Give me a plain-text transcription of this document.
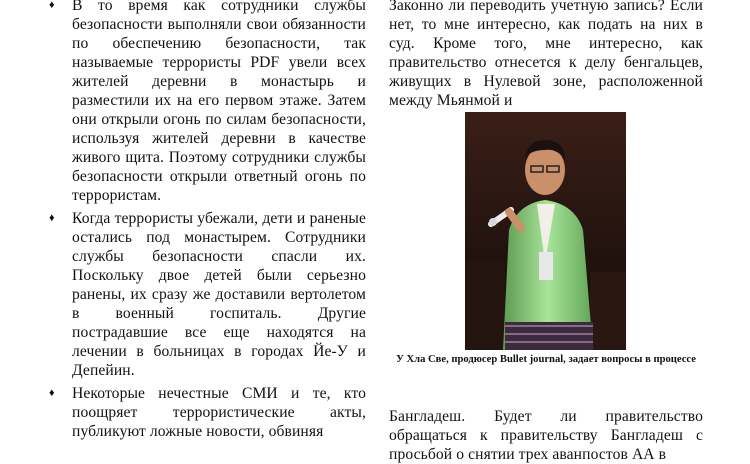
♦ В то время как сотрудники службы безопасности выполняли свои обязанности по обеспечению безопасности, так называемые террористы PDF увели всех жителей деревни в монастырь и разместили их на его первом этаже. Затем они открыли огонь по силам безопасности, используя жителей деревни в качестве живого щита. Поэтому сотрудники службы безопасности открыли ответный огонь по террористам.

♦ Когда террористы убежали, дети и раненые остались под монастырем. Сотрудники службы безопасности спасли их. Поскольку двое детей были серьезно ранены, их сразу же доставили вертолетом в военный госпиталь. Другие пострадавшие все еще находятся на лечении в больницах в городах Йе-У и Депейин.

♦ Некоторые нечестные СМИ и те, кто поощряет террористические акты, публикуют ложные новости, обвиняя

Законно ли переводить учетную запись? Если нет, то мне интересно, как подать на них в суд. Кроме того, мне интересно, как правительство отнесется к делу бенгальцев, живущих в Нулевой зоне, расположенной между Мьянмой и

У Хла Све, продюсер Bullet journal, задает вопросы в процессе

Бангладеш. Будет ли правительство обращаться к правительству Бангладеш с просьбой о снятии трех аванпостов АА в
